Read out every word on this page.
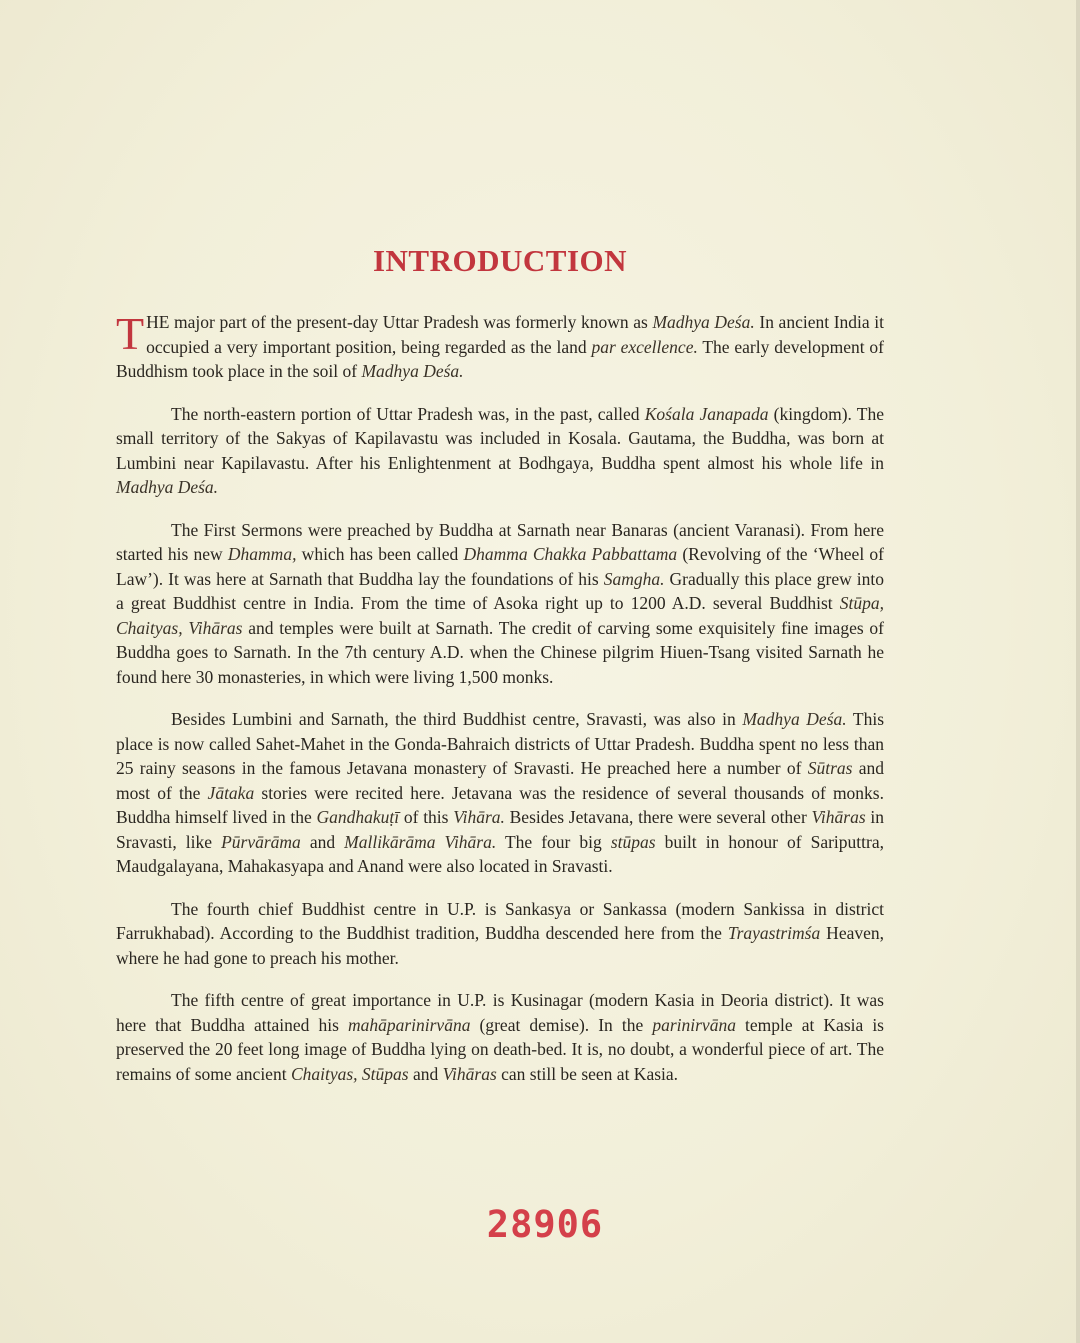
INTRODUCTION

THE major part of the present-day Uttar Pradesh was formerly known as Madhya Deśa. In ancient India it occupied a very important position, being regarded as the land par excellence. The early development of Buddhism took place in the soil of Madhya Deśa.

The north-eastern portion of Uttar Pradesh was, in the past, called Kośala Janapada (kingdom). The small territory of the Sakyas of Kapilavastu was included in Kosala. Gautama, the Buddha, was born at Lumbini near Kapilavastu. After his Enlightenment at Bodhgaya, Buddha spent almost his whole life in Madhya Deśa.

The First Sermons were preached by Buddha at Sarnath near Banaras (ancient Varanasi). From here started his new Dhamma, which has been called Dhamma Chakka Pabbattama (Revolving of the ‘Wheel of Law’). It was here at Sarnath that Buddha lay the foundations of his Samgha. Gradually this place grew into a great Buddhist centre in India. From the time of Asoka right up to 1200 A.D. several Buddhist Stūpa, Chaityas, Vihāras and temples were built at Sarnath. The credit of carving some exquisitely fine images of Buddha goes to Sarnath. In the 7th century A.D. when the Chinese pilgrim Hiuen-Tsang visited Sarnath he found here 30 monasteries, in which were living 1,500 monks.

Besides Lumbini and Sarnath, the third Buddhist centre, Sravasti, was also in Madhya Deśa. This place is now called Sahet-Mahet in the Gonda-Bahraich districts of Uttar Pradesh. Buddha spent no less than 25 rainy seasons in the famous Jetavana monastery of Sravasti. He preached here a number of Sūtras and most of the Jātaka stories were recited here. Jetavana was the residence of several thousands of monks. Buddha himself lived in the Gandhakuṭī of this Vihāra. Besides Jetavana, there were several other Vihāras in Sravasti, like Pūrvārāma and Mallikārāma Vihāra. The four big stūpas built in honour of Sariputtra, Maudgalayana, Mahakasyapa and Anand were also located in Sravasti.

The fourth chief Buddhist centre in U.P. is Sankasya or Sankassa (modern Sankissa in district Farrukhabad). According to the Buddhist tradition, Buddha descended here from the Trayastrimśa Heaven, where he had gone to preach his mother.

The fifth centre of great importance in U.P. is Kusinagar (modern Kasia in Deoria district). It was here that Buddha attained his mahāparinirvāna (great demise). In the parinirvāna temple at Kasia is preserved the 20 feet long image of Buddha lying on death-bed. It is, no doubt, a wonderful piece of art. The remains of some ancient Chaityas, Stūpas and Vihāras can still be seen at Kasia.

28906
